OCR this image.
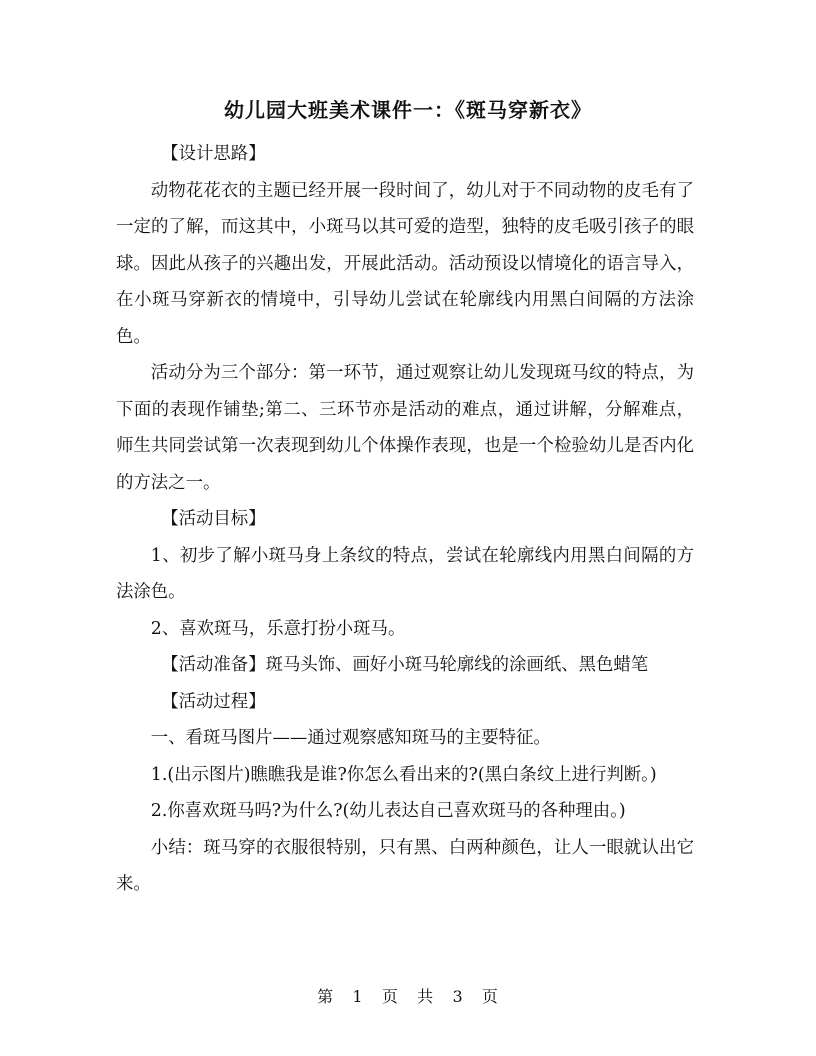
幼儿园大班美术课件一：《斑马穿新衣》

【设计思路】

动物花花衣的主题已经开展一段时间了，幼儿对于不同动物的皮毛有了一定的了解，而这其中，小斑马以其可爱的造型，独特的皮毛吸引孩子的眼球。因此从孩子的兴趣出发，开展此活动。活动预设以情境化的语言导入，在小斑马穿新衣的情境中，引导幼儿尝试在轮廓线内用黑白间隔的方法涂色。

活动分为三个部分：第一环节，通过观察让幼儿发现斑马纹的特点，为下面的表现作铺垫;第二、三环节亦是活动的难点，通过讲解，分解难点，师生共同尝试第一次表现到幼儿个体操作表现，也是一个检验幼儿是否内化的方法之一。

【活动目标】

1、初步了解小斑马身上条纹的特点，尝试在轮廓线内用黑白间隔的方法涂色。

2、喜欢斑马，乐意打扮小斑马。

【活动准备】斑马头饰、画好小斑马轮廓线的涂画纸、黑色蜡笔

【活动过程】

一、看斑马图片——通过观察感知斑马的主要特征。

1.(出示图片)瞧瞧我是谁?你怎么看出来的?(黑白条纹上进行判断。)

2.你喜欢斑马吗?为什么?(幼儿表达自己喜欢斑马的各种理由。)

小结：斑马穿的衣服很特别，只有黑、白两种颜色，让人一眼就认出它来。

第 1 页 共 3 页
